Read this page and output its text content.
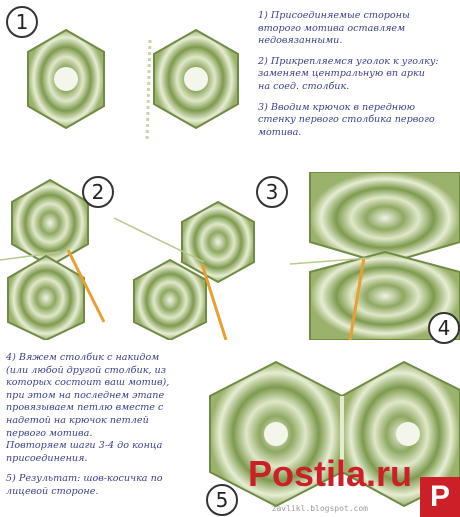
1	1) Присоединяемые стороны
второго мотива оставляем
недовязанными.

2) Прикрепляемся уголок к уголку:
заменяем центральную вп арки
на соед. столбик.

3) Вводим крючок в переднюю
стенку первого столбика первого
мотива.

2	3
4

4) Вяжем столбик с накидом
(или любой другой столбик, из
которых состоит ваш мотив),
при этом на последнем этапе
провязываем петлю вместе с
надетой на крючок петлей
первого мотива.
Повторяем шаги 3-4 до конца
присоединения.

5) Результат: шов-косичка по
лицевой стороне.	5	zavlikl.blogspot.com
Postila.ru
P
